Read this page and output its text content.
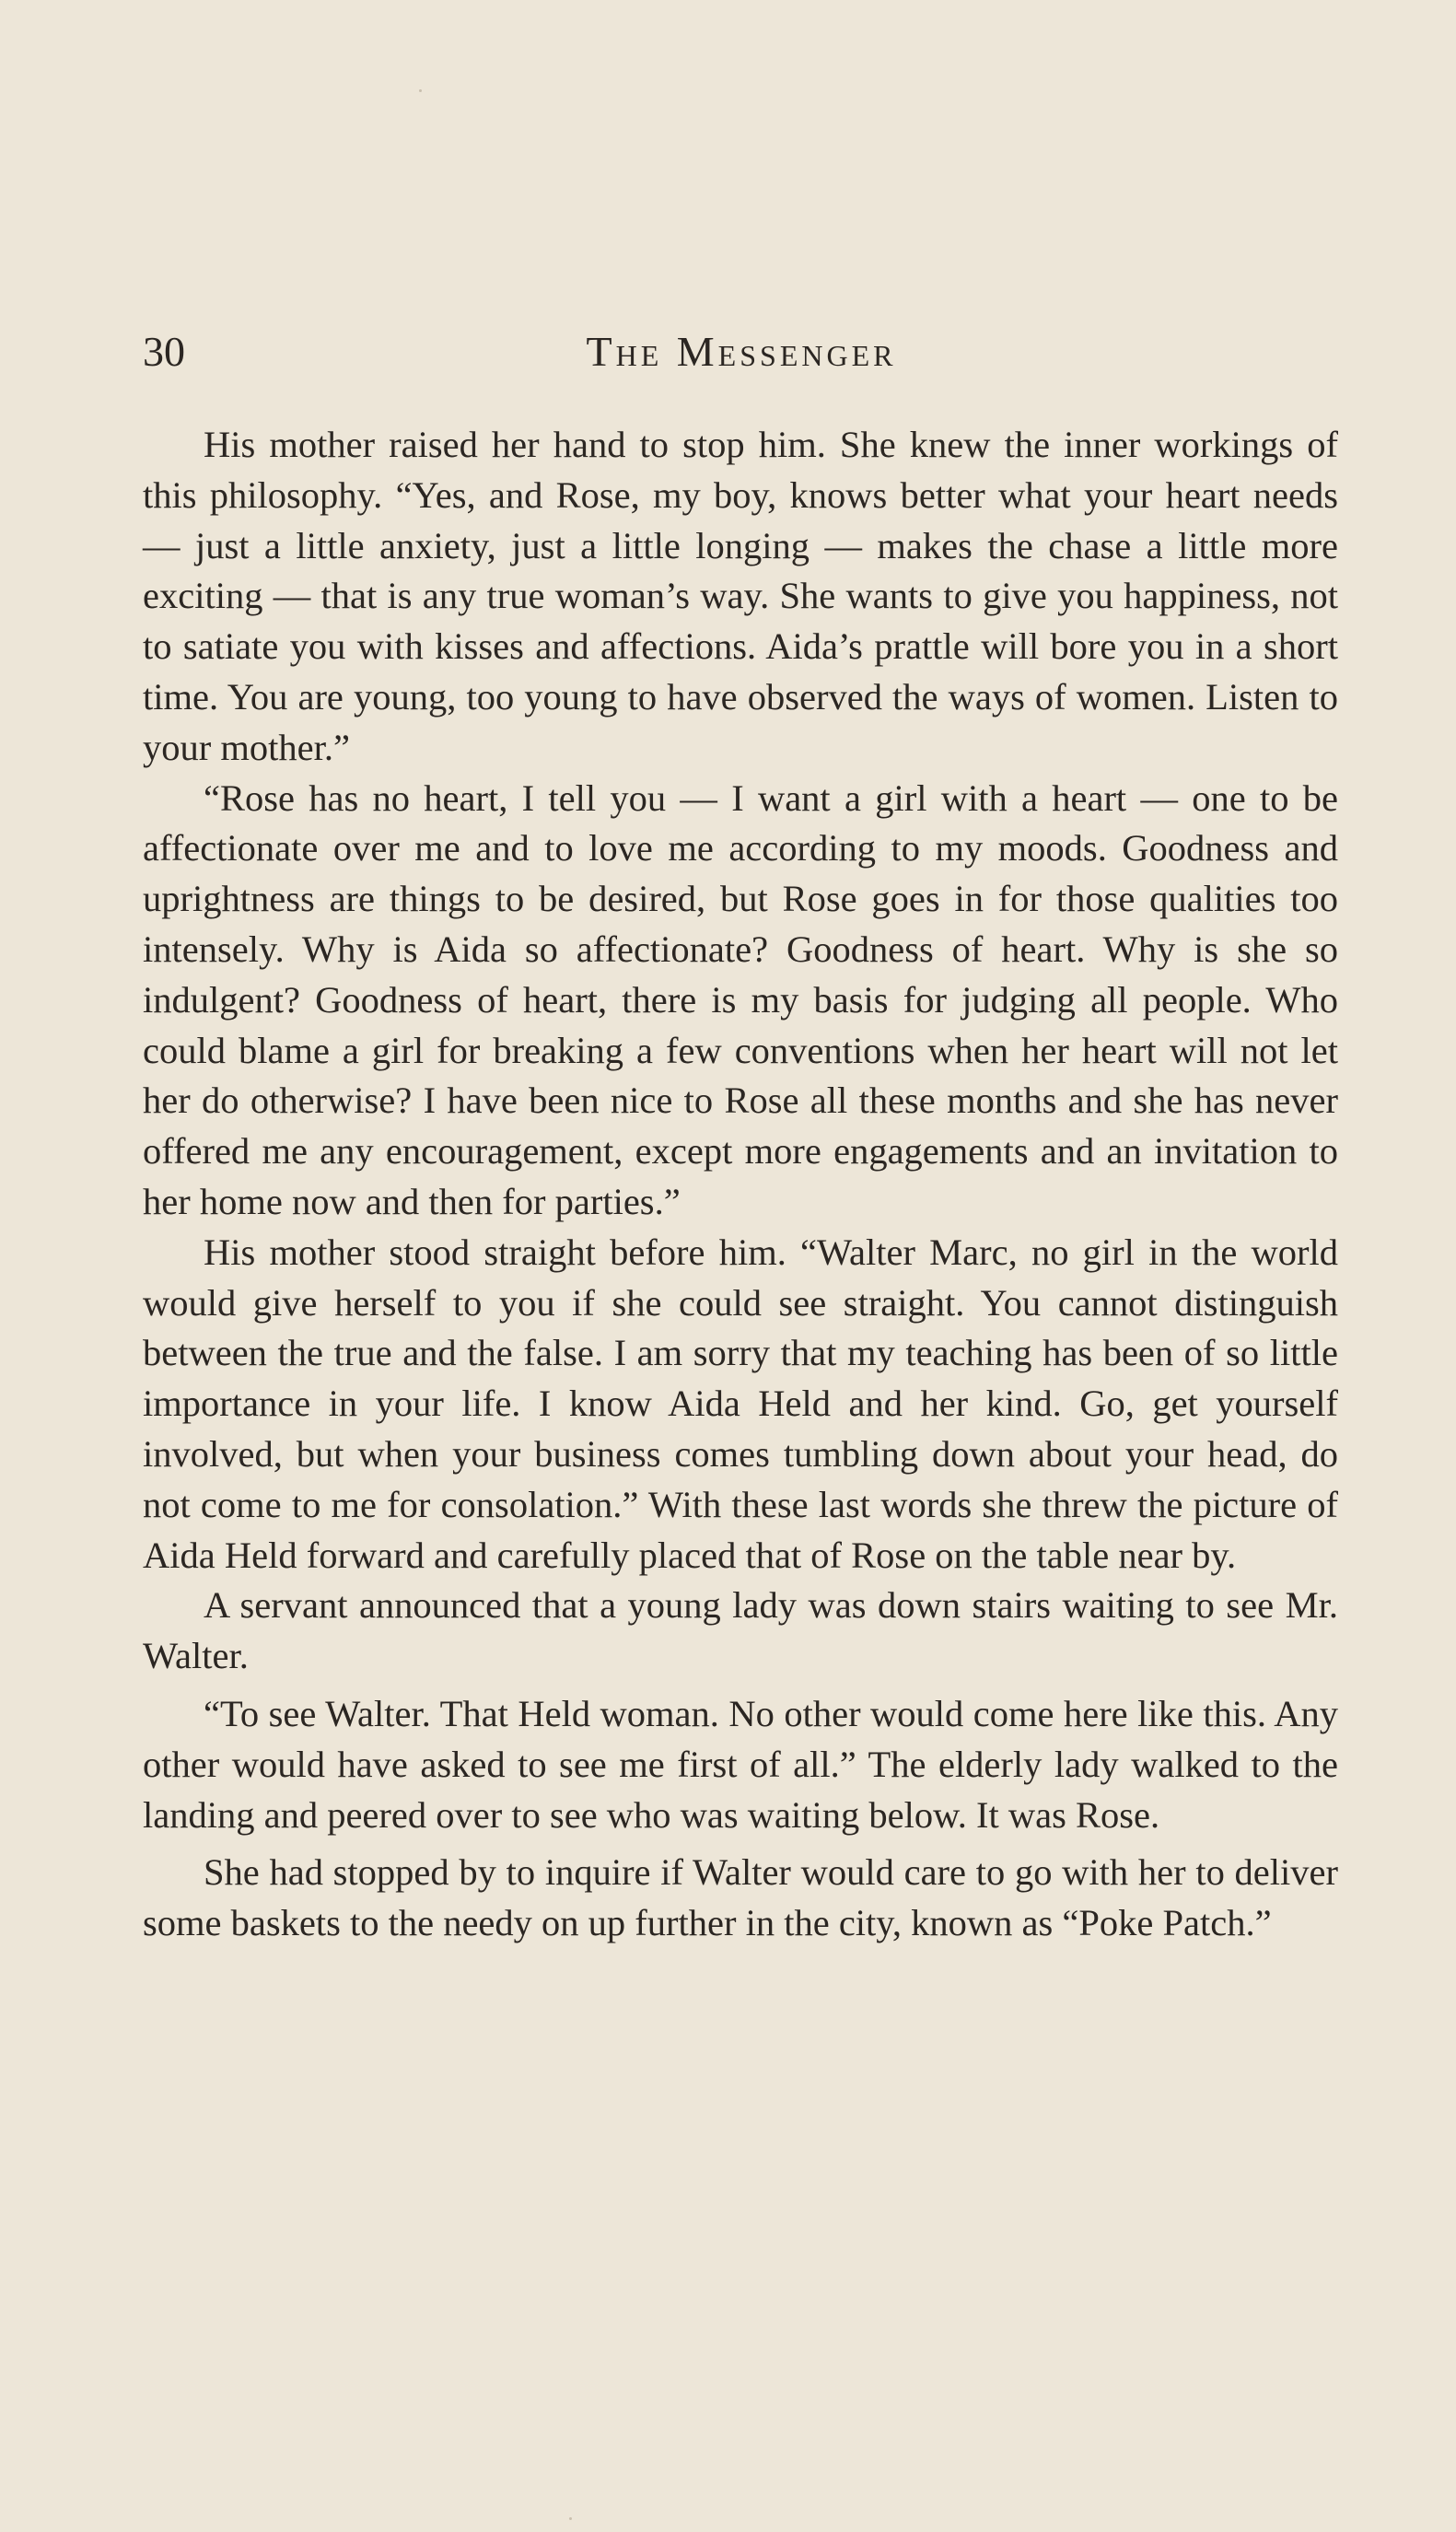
30	The Messenger

His mother raised her hand to stop him. She knew the inner workings of this philosophy. “Yes, and Rose, my boy, knows better what your heart needs — just a little anxiety, just a little longing — makes the chase a little more exciting — that is any true woman’s way. She wants to give you happiness, not to satiate you with kisses and affections. Aida’s prattle will bore you in a short time. You are young, too young to have observed the ways of women. Listen to your mother.”

“Rose has no heart, I tell you — I want a girl with a heart — one to be affectionate over me and to love me according to my moods. Goodness and uprightness are things to be desired, but Rose goes in for those qualities too intensely. Why is Aida so affectionate? Goodness of heart. Why is she so indulgent? Goodness of heart, there is my basis for judging all people. Who could blame a girl for breaking a few conventions when her heart will not let her do otherwise? I have been nice to Rose all these months and she has never offered me any encouragement, except more engagements and an invitation to her home now and then for parties.”

His mother stood straight before him. “Walter Marc, no girl in the world would give herself to you if she could see straight. You cannot distinguish between the true and the false. I am sorry that my teaching has been of so little importance in your life. I know Aida Held and her kind. Go, get yourself involved, but when your business comes tumbling down about your head, do not come to me for consolation.” With these last words she threw the picture of Aida Held forward and carefully placed that of Rose on the table near by.

A servant announced that a young lady was down stairs waiting to see Mr. Walter.

“To see Walter. That Held woman. No other would come here like this. Any other would have asked to see me first of all.” The elderly lady walked to the landing and peered over to see who was waiting below. It was Rose.

She had stopped by to inquire if Walter would care to go with her to deliver some baskets to the needy on up further in the city, known as “Poke Patch.”
